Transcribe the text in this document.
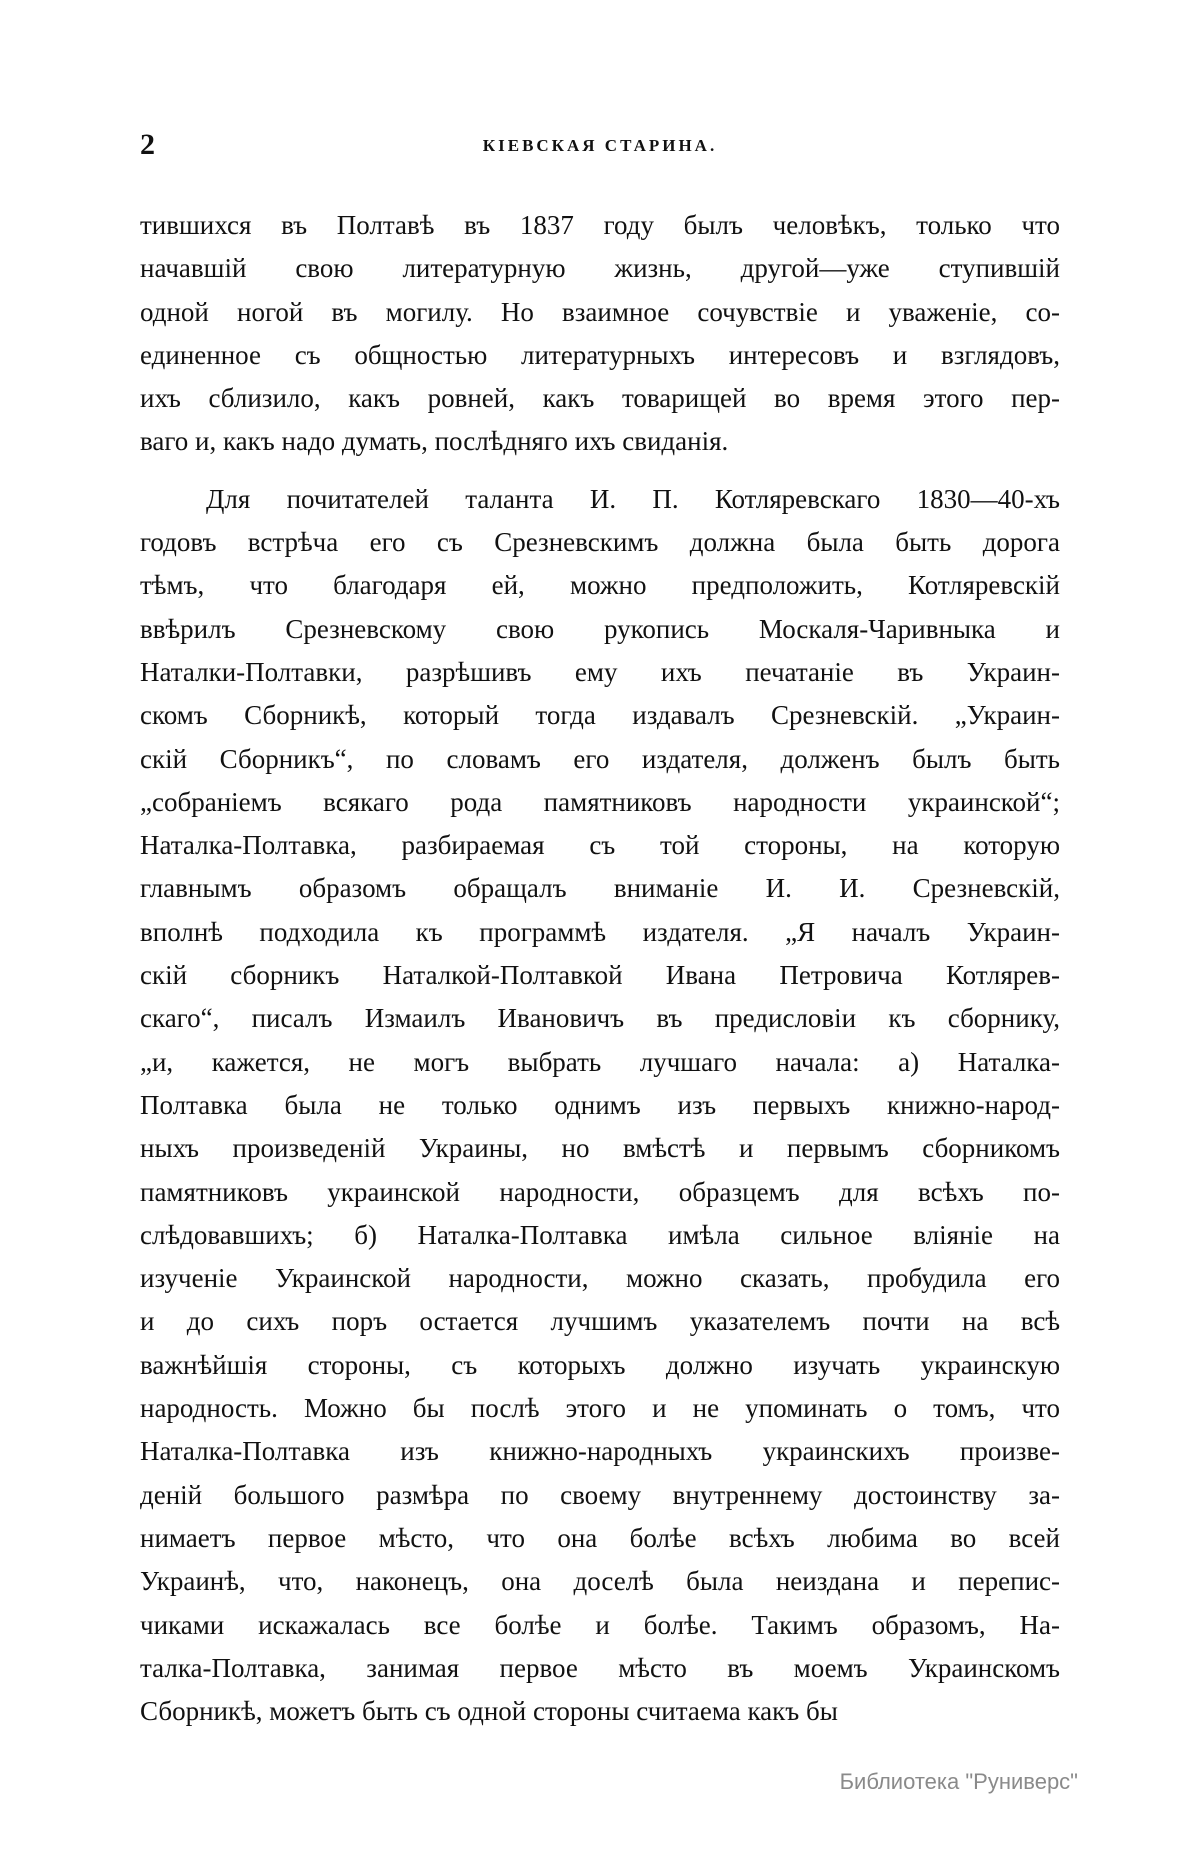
2	КІЕВСКАЯ СТАРИНА.
тившихся въ Полтавѣ въ 1837 году былъ человѣкъ, только что
начавшій свою литературную жизнь, другой—уже ступившій
одной ногой въ могилу. Но взаимное сочувствіе и уваженіе, со-
единенное съ общностью литературныхъ интересовъ и взглядовъ,
ихъ сблизило, какъ ровней, какъ товарищей во время этого пер-
ваго и, какъ надо думать, послѣдняго ихъ свиданія.
Для почитателей таланта И. П. Котляревскаго 1830—40-хъ
годовъ встрѣча его съ Срезневскимъ должна была быть дорога
тѣмъ, что благодаря ей, можно предположить, Котляревскій
ввѣрилъ Срезневскому свою рукопись Москаля-Чаривныка и
Наталки-Полтавки, разрѣшивъ ему ихъ печатаніе въ Украин-
скомъ Сборникѣ, который тогда издавалъ Срезневскій. „Украин-
скій Сборникъ“, по словамъ его издателя, долженъ былъ быть
„собраніемъ всякаго рода памятниковъ народности украинской“;
Наталка-Полтавка, разбираемая съ той стороны, на которую
главнымъ образомъ обращалъ вниманіе И. И. Срезневскій,
вполнѣ подходила къ программѣ издателя. „Я началъ Украин-
скій сборникъ Наталкой-Полтавкой Ивана Петровича Котлярев-
скаго“, писалъ Измаилъ Ивановичъ въ предисловіи къ сборнику,
„и, кажется, не могъ выбрать лучшаго начала: а) Наталка-
Полтавка была не только однимъ изъ первыхъ книжно-народ-
ныхъ произведеній Украины, но вмѣстѣ и первымъ сборникомъ
памятниковъ украинской народности, образцемъ для всѣхъ по-
слѣдовавшихъ; б) Наталка-Полтавка имѣла сильное вліяніе на
изученіе Украинской народности, можно сказать, пробудила его
и до сихъ поръ остается лучшимъ указателемъ почти на всѣ
важнѣйшія стороны, съ которыхъ должно изучать украинскую
народность. Можно бы послѣ этого и не упоминать о томъ, что
Наталка-Полтавка изъ книжно-народныхъ украинскихъ произве-
деній большого размѣра по своему внутреннему достоинству за-
нимаетъ первое мѣсто, что она болѣе всѣхъ любима во всей
Украинѣ, что, наконецъ, она доселѣ была неиздана и перепис-
чиками искажалась все болѣе и болѣе. Такимъ образомъ, На-
талка-Полтавка, занимая первое мѣсто въ моемъ Украинскомъ
Сборникѣ, можетъ быть съ одной стороны считаема какъ бы
Библиотека "Руниверс"
